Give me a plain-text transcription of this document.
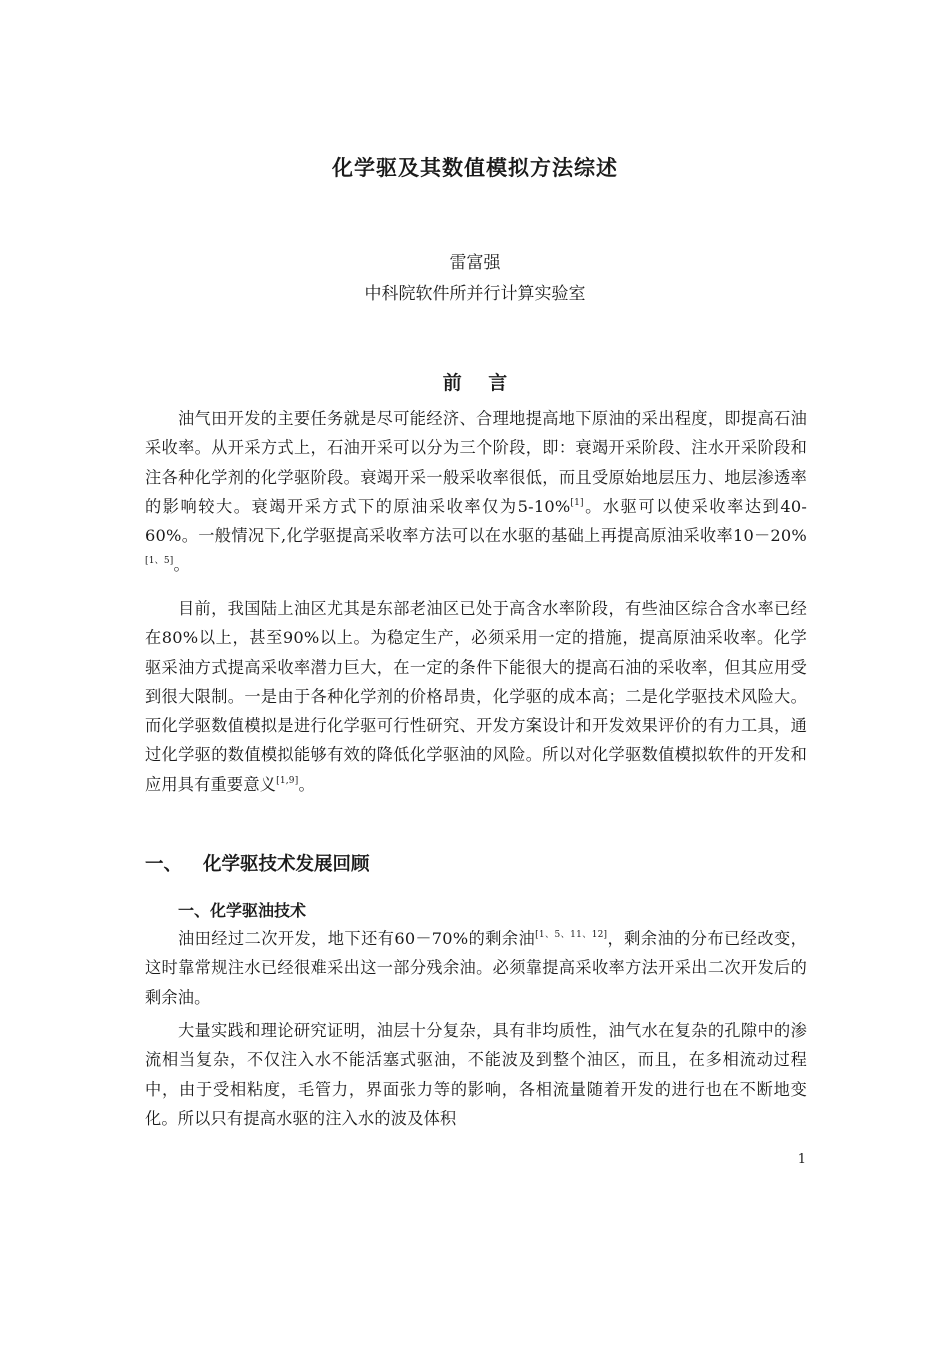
化学驱及其数值模拟方法综述
雷富强
中科院软件所并行计算实验室
前    言

油气田开发的主要任务就是尽可能经济、合理地提高地下原油的采出程度，即提高石油采收率。从开采方式上，石油开采可以分为三个阶段，即：衰竭开采阶段、注水开采阶段和注各种化学剂的化学驱阶段。衰竭开采一般采收率很低，而且受原始地层压力、地层渗透率的影响较大。衰竭开采方式下的原油采收率仅为5-10%[1]。水驱可以使采收率达到40-60%。一般情况下,化学驱提高采收率方法可以在水驱的基础上再提高原油采收率10－20%[1、5]。

目前，我国陆上油区尤其是东部老油区已处于高含水率阶段，有些油区综合含水率已经在80%以上，甚至90%以上。为稳定生产，必须采用一定的措施，提高原油采收率。化学驱采油方式提高采收率潜力巨大，在一定的条件下能很大的提高石油的采收率，但其应用受到很大限制。一是由于各种化学剂的价格昂贵，化学驱的成本高；二是化学驱技术风险大。而化学驱数值模拟是进行化学驱可行性研究、开发方案设计和开发效果评价的有力工具，通过化学驱的数值模拟能够有效的降低化学驱油的风险。所以对化学驱数值模拟软件的开发和应用具有重要意义[1,9]。

一、 化学驱技术发展回顾
一、化学驱油技术

油田经过二次开发，地下还有60－70%的剩余油[1、5、11、12]，剩余油的分布已经改变，这时靠常规注水已经很难采出这一部分残余油。必须靠提高采收率方法开采出二次开发后的剩余油。

大量实践和理论研究证明，油层十分复杂，具有非均质性，油气水在复杂的孔隙中的渗流相当复杂，不仅注入水不能活塞式驱油，不能波及到整个油区，而且，在多相流动过程中，由于受相粘度，毛管力，界面张力等的影响，各相流量随着开发的进行也在不断地变化。所以只有提高水驱的注入水的波及体积

1
